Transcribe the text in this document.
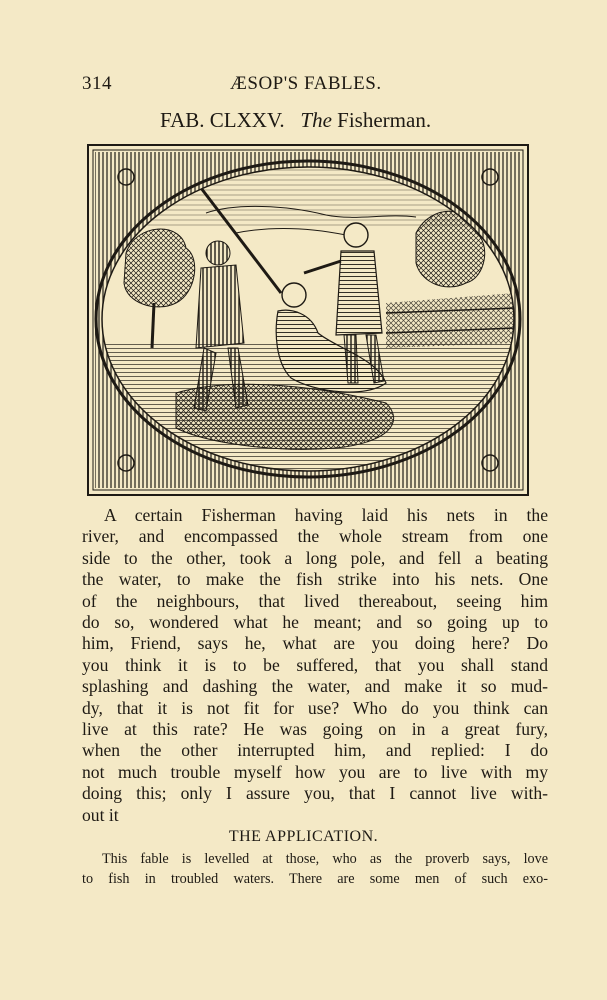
314	ÆSOP'S FABLES.
FAB. CLXXV. The Fisherman.
A certain Fisherman having laid his nets in the
river, and encompassed the whole stream from one
side to the other, took a long pole, and fell a beating
the water, to make the fish strike into his nets. One
of the neighbours, that lived thereabout, seeing him
do so, wondered what he meant; and so going up to
him, Friend, says he, what are you doing here? Do
you think it is to be suffered, that you shall stand
splashing and dashing the water, and make it so mud-
dy, that it is not fit for use? Who do you think can
live at this rate? He was going on in a great fury,
when the other interrupted him, and replied: I do
not much trouble myself how you are to live with my
doing this; only I assure you, that I cannot live with-
out it
THE APPLICATION.
This fable is levelled at those, who as the proverb says, love
to fish in troubled waters. There are some men of such exo-
